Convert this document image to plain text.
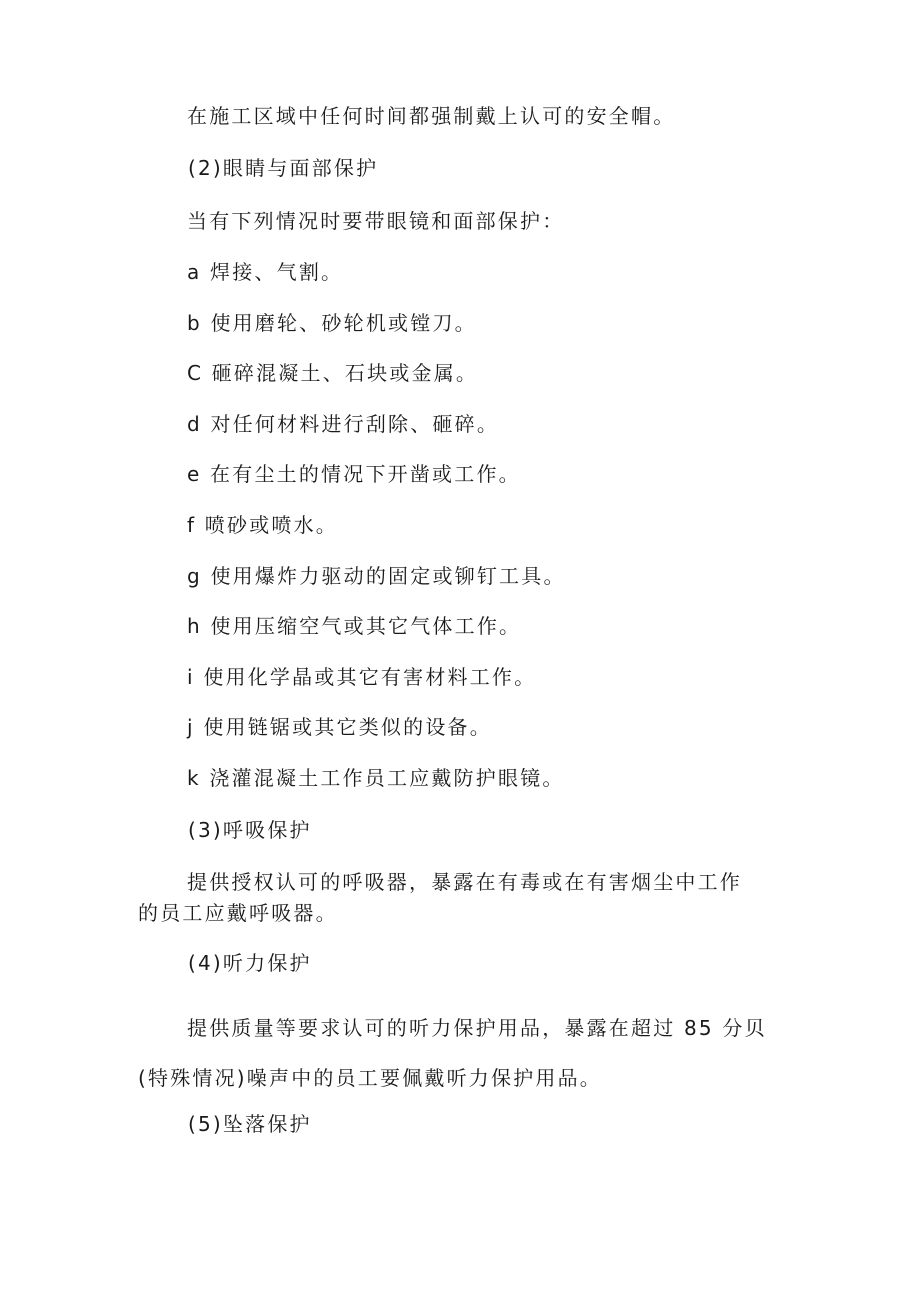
在施工区域中任何时间都强制戴上认可的安全帽。
(2)眼睛与面部保护
当有下列情况时要带眼镜和面部保护：
a 焊接、气割。
b 使用磨轮、砂轮机或镗刀。
C 砸碎混凝土、石块或金属。
d 对任何材料进行刮除、砸碎。
e 在有尘土的情况下开凿或工作。
f 喷砂或喷水。
g 使用爆炸力驱动的固定或铆钉工具。
h 使用压缩空气或其它气体工作。
i 使用化学晶或其它有害材料工作。
j 使用链锯或其它类似的设备。
k 浇灌混凝土工作员工应戴防护眼镜。
(3)呼吸保护
提供授权认可的呼吸器，暴露在有毒或在有害烟尘中工作
的员工应戴呼吸器。
(4)听力保护
提供质量等要求认可的听力保护用品，暴露在超过 85 分贝
(特殊情况)噪声中的员工要佩戴听力保护用品。
(5)坠落保护
